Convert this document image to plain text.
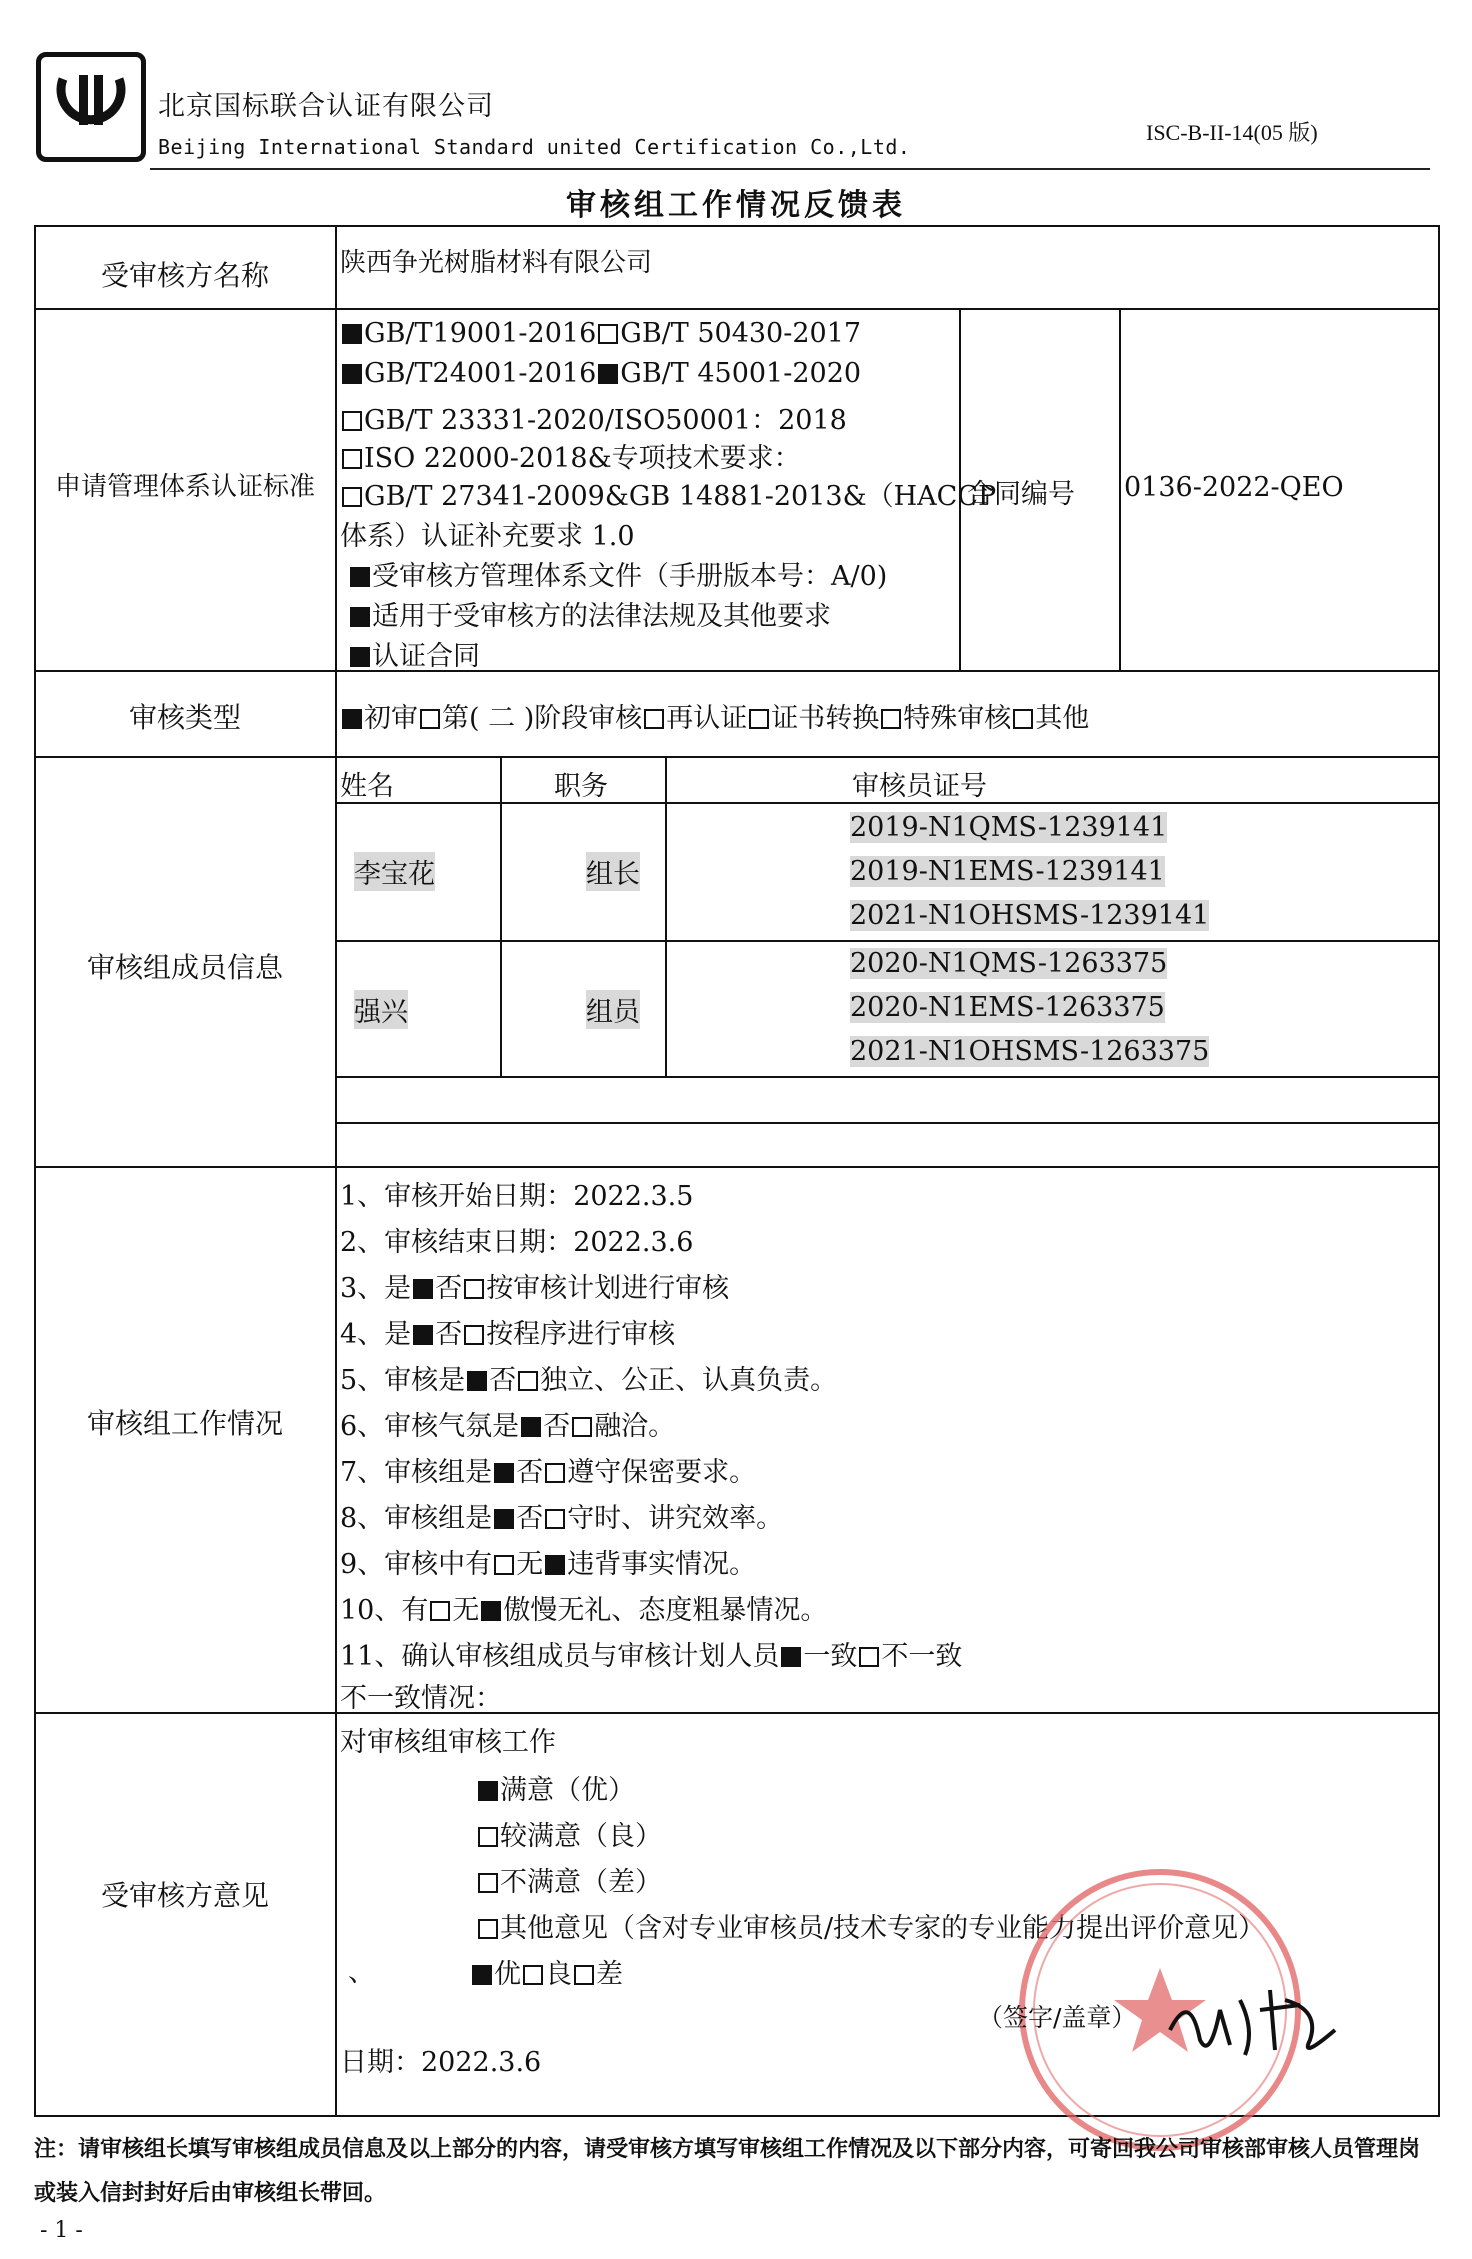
北京国标联合认证有限公司
Beijing International Standard united Certification Co.,Ltd.
ISC-B-II-14(05 版)
审核组工作情况反馈表
受审核方名称	陕西争光树脂材料有限公司
申请管理体系认证标准
GB/T19001-2016 GB/T 50430-2017
GB/T24001-2016 GB/T 45001-2020
GB/T 23331-2020/ISO50001：2018
ISO 22000-2018&专项技术要求：
GB/T 27341-2009&GB 14881-2013&（HACCP
体系）认证补充要求 1.0
受审核方管理体系文件（手册版本号：A/0)
适用于受审核方的法律法规及其他要求
认证合同
合同编号 0136-2022-QEO
审核类型	初审 第( 二 )阶段审核 再认证 证书转换 特殊审核 其他
审核组成员信息
姓名	职务	审核员证号
李宝花	组长
2019-N1QMS-1239141
2019-N1EMS-1239141
2021-N1OHSMS-1239141
强兴	组员
2020-N1QMS-1263375
2020-N1EMS-1263375
2021-N1OHSMS-1263375
审核组工作情况
1、审核开始日期：2022.3.5
2、审核结束日期：2022.3.6
3、是 否 按审核计划进行审核
4、是 否 按程序进行审核
5、审核是 否 独立、公正、认真负责。
6、审核气氛是 否 融洽。
7、审核组是 否 遵守保密要求。
8、审核组是 否 守时、讲究效率。
9、审核中有 无 违背事实情况。
10、有 无 傲慢无礼、态度粗暴情况。
11、确认审核组成员与审核计划人员 一致 不一致
不一致情况：
受审核方意见
对审核组审核工作
满意（优）
较满意（良）
不满意（差）
其他意见（含对专业审核员/技术专家的专业能力提出评价意见）
、	优 良 差
（签字/盖章）
日期：2022.3.6
注：请审核组长填写审核组成员信息及以上部分的内容，请受审核方填写审核组工作情况及以下部分内容，可寄回我公司审核部审核人员管理岗或装入信封封好后由审核组长带回。
- 1 -
